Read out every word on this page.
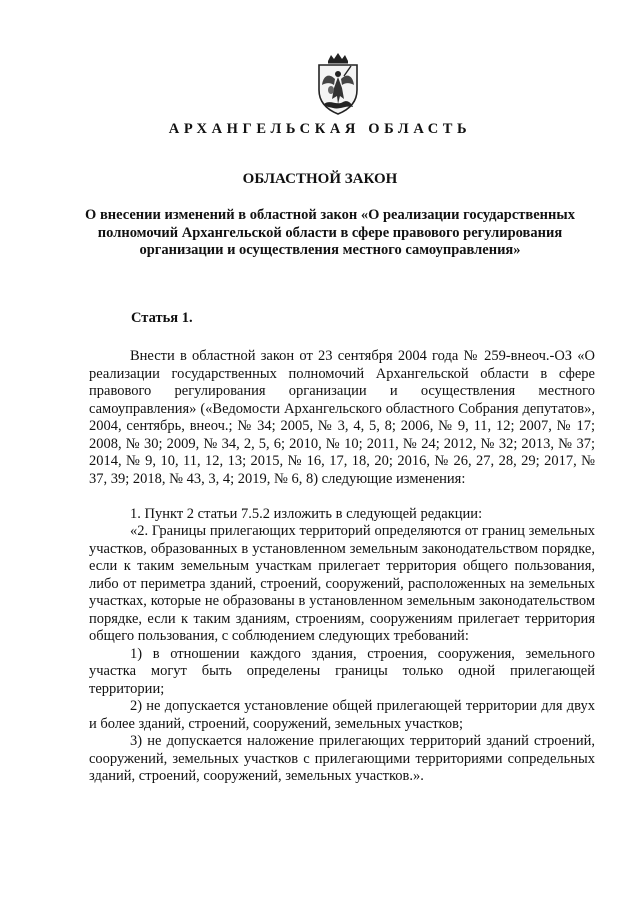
АРХАНГЕЛЬСКАЯ ОБЛАСТЬ
ОБЛАСТНОЙ ЗАКОН
О внесении изменений в областной закон «О реализации государственных полномочий Архангельской области в сфере правового регулирования организации и осуществления местного самоуправления»
Статья 1.

Внести в областной закон от 23 сентября 2004 года № 259-внеоч.-ОЗ «О реализации государственных полномочий Архангельской области в сфере правового регулирования организации и осуществления местного самоуправления» («Ведомости Архангельского областного Собрания депутатов», 2004, сентябрь, внеоч.; № 34; 2005, № 3, 4, 5, 8; 2006, № 9, 11, 12; 2007, № 17; 2008, № 30; 2009, № 34, 2, 5, 6; 2010, № 10; 2011, № 24; 2012, № 32; 2013, № 37; 2014, № 9, 10, 11, 12, 13; 2015, № 16, 17, 18, 20; 2016, № 26, 27, 28, 29; 2017, № 37, 39; 2018, № 43, 3, 4; 2019, № 6, 8) следующие изменения:

1. Пункт 2 статьи 7.5.2 изложить в следующей редакции:

«2. Границы прилегающих территорий определяются от границ земельных участков, образованных в установленном земельным законодательством порядке, если к таким земельным участкам прилегает территория общего пользования, либо от периметра зданий, строений, сооружений, расположенных на земельных участках, которые не образованы в установленном земельным законодательством порядке, если к таким зданиям, строениям, сооружениям прилегает территория общего пользования, с соблюдением следующих требований:

1) в отношении каждого здания, строения, сооружения, земельного участка могут быть определены границы только одной прилегающей территории;

2) не допускается установление общей прилегающей территории для двух и более зданий, строений, сооружений, земельных участков;

3) не допускается наложение прилегающих территорий зданий строений, сооружений, земельных участков с прилегающими территориями сопредельных зданий, строений, сооружений, земельных участков.».
